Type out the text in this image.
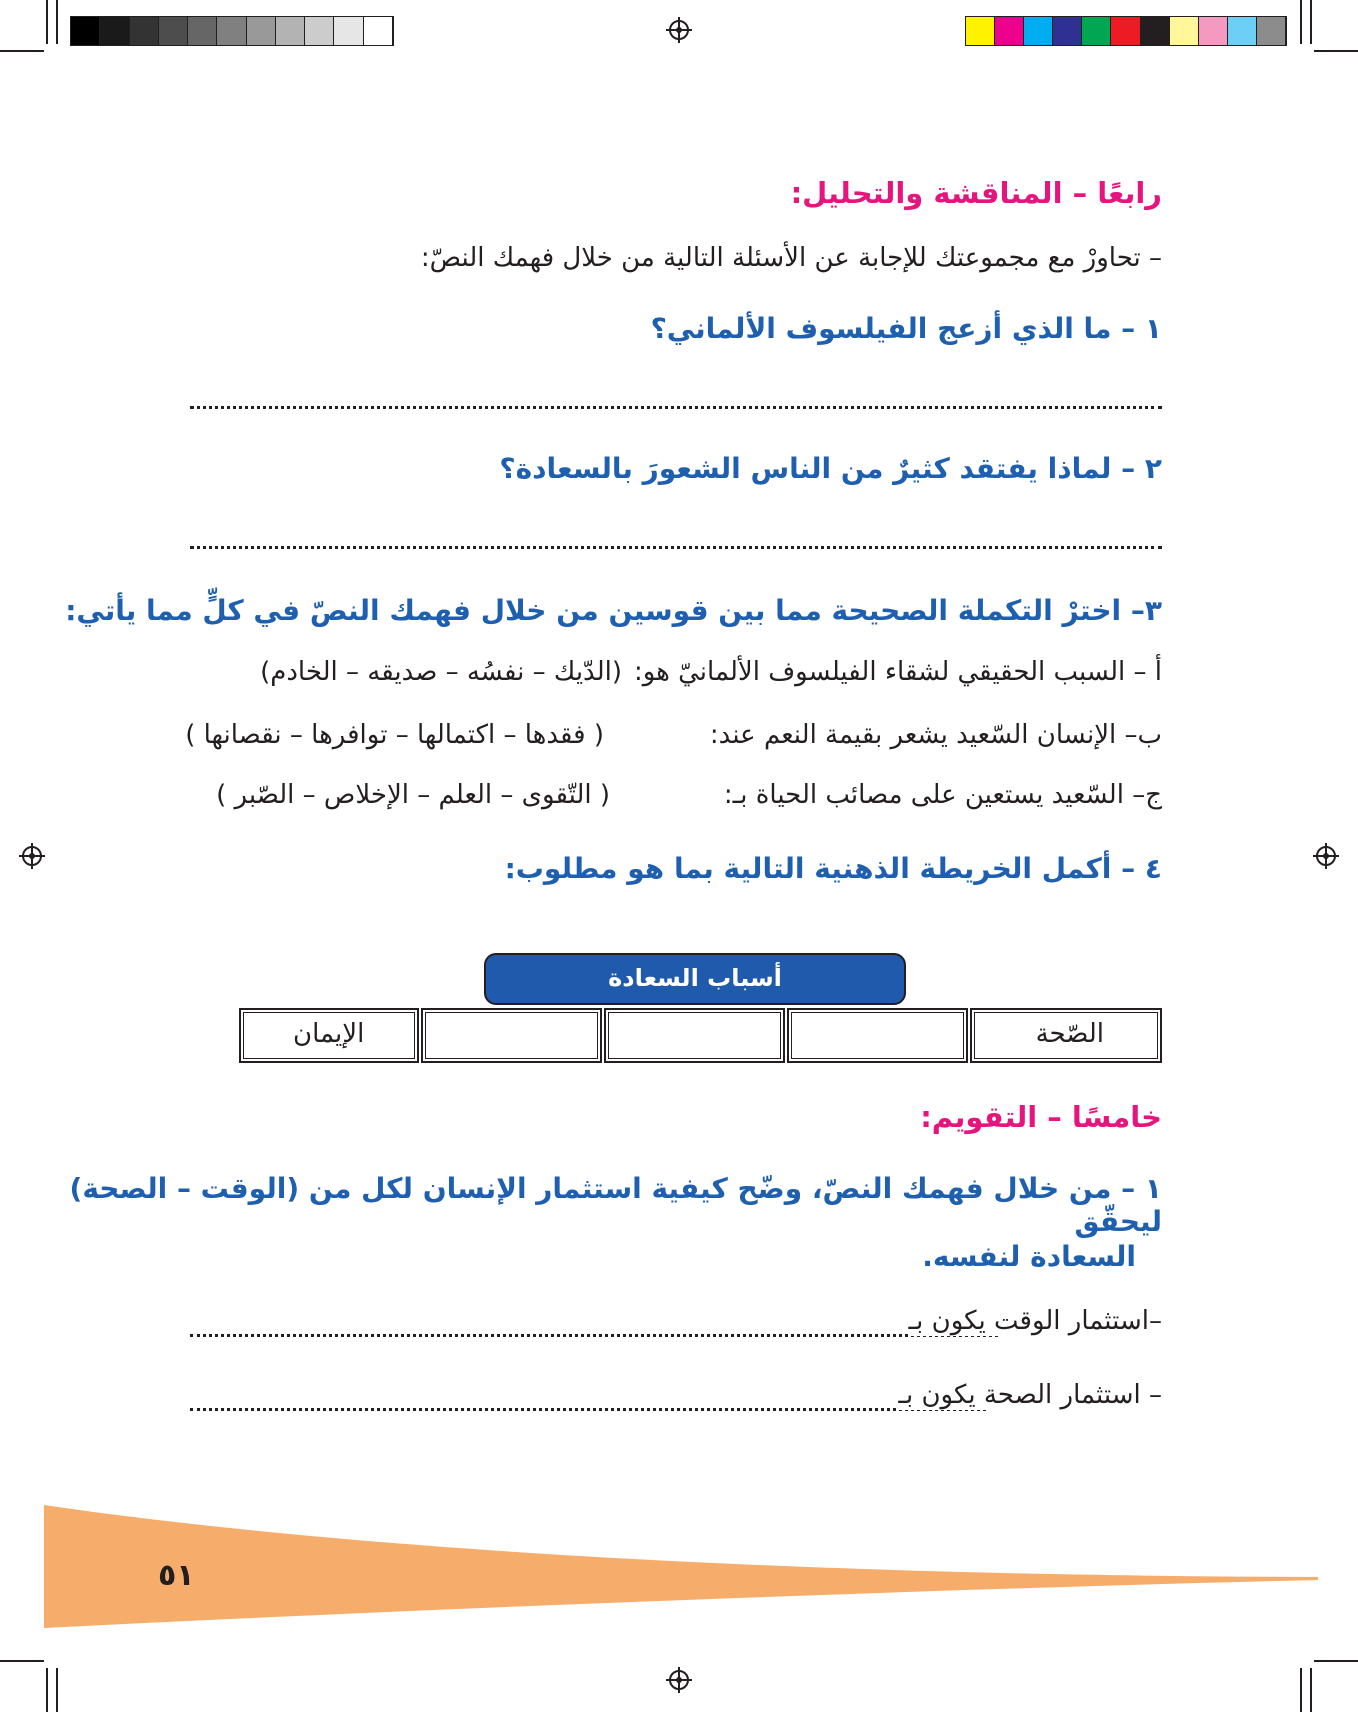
رابعًا – المناقشة والتحليل:
– تحاورْ مع مجموعتك للإجابة عن الأسئلة التالية من خلال فهمك النصّ:
١ – ما الذي أزعج الفيلسوف الألماني؟
٢ – لماذا يفتقد كثيرٌ من الناس الشعورَ بالسعادة؟
٣– اخترْ التكملة الصحيحة مما بين قوسين من خلال فهمك النصّ في كلٍّ مما يأتي:
أ – السبب الحقيقي لشقاء الفيلسوف الألمانيّ هو:
(الدّيك – نفسُه – صديقه – الخادم)
ب– الإنسان السّعيد يشعر بقيمة النعم عند:
( فقدها – اكتمالها – توافرها – نقصانها )
ج– السّعيد يستعين على مصائب الحياة بـ:
( التّقوى – العلم – الإخلاص – الصّبر )
٤ – أكمل الخريطة الذهنية التالية بما هو مطلوب:
الصّحة
الإيمان
أسباب السعادة
خامسًا – التقويم:
١ – من خلال فهمك النصّ، وضّح كيفية استثمار الإنسان لكل من (الوقت – الصحة) ليحقّق
السعادة لنفسه.
–استثمار الوقت يكون بـ
– استثمار الصحة يكون بـ
٥١
